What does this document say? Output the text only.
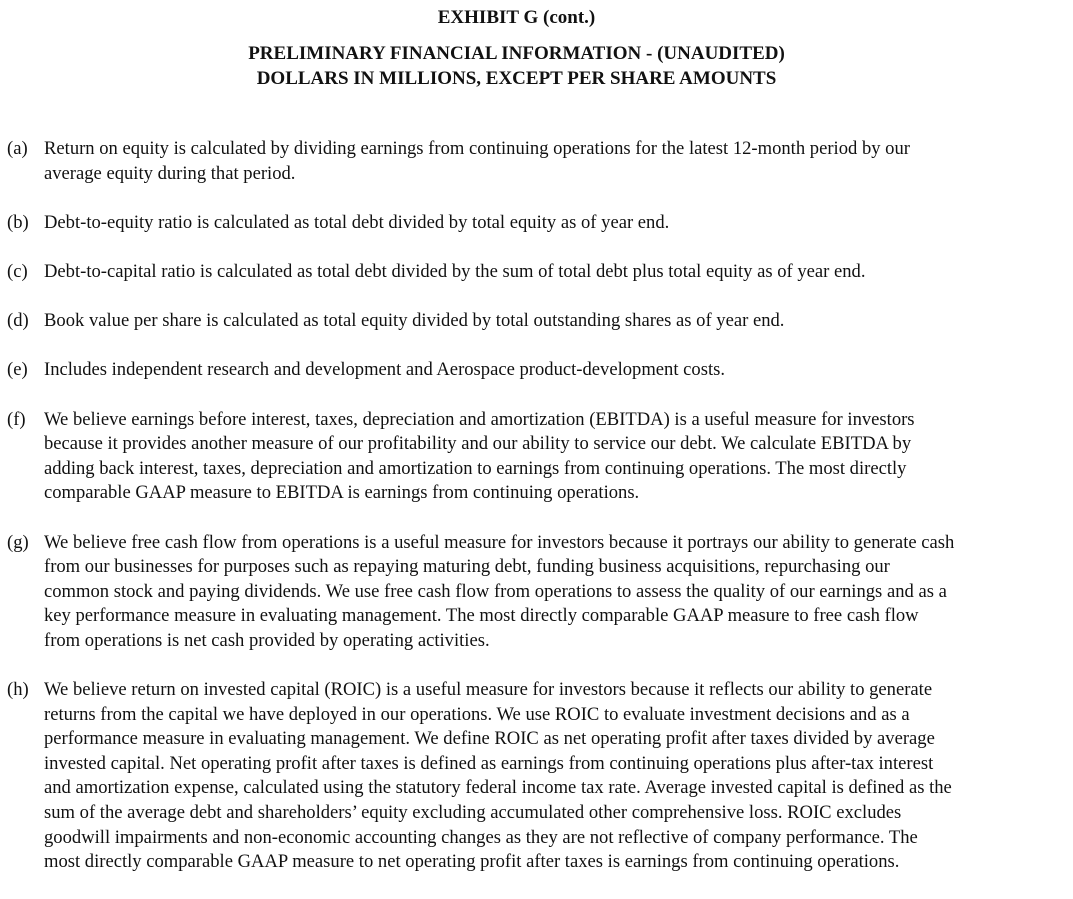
EXHIBIT G (cont.)
PRELIMINARY FINANCIAL INFORMATION - (UNAUDITED)
DOLLARS IN MILLIONS, EXCEPT PER SHARE AMOUNTS
(a) Return on equity is calculated by dividing earnings from continuing operations for the latest 12-month period by our
average equity during that period.
(b) Debt-to-equity ratio is calculated as total debt divided by total equity as of year end.
(c) Debt-to-capital ratio is calculated as total debt divided by the sum of total debt plus total equity as of year end.
(d) Book value per share is calculated as total equity divided by total outstanding shares as of year end.
(e) Includes independent research and development and Aerospace product-development costs.
(f) We believe earnings before interest, taxes, depreciation and amortization (EBITDA) is a useful measure for investors
because it provides another measure of our profitability and our ability to service our debt. We calculate EBITDA by
adding back interest, taxes, depreciation and amortization to earnings from continuing operations. The most directly
comparable GAAP measure to EBITDA is earnings from continuing operations.
(g) We believe free cash flow from operations is a useful measure for investors because it portrays our ability to generate cash
from our businesses for purposes such as repaying maturing debt, funding business acquisitions, repurchasing our
common stock and paying dividends. We use free cash flow from operations to assess the quality of our earnings and as a
key performance measure in evaluating management. The most directly comparable GAAP measure to free cash flow
from operations is net cash provided by operating activities.
(h) We believe return on invested capital (ROIC) is a useful measure for investors because it reflects our ability to generate
returns from the capital we have deployed in our operations. We use ROIC to evaluate investment decisions and as a
performance measure in evaluating management. We define ROIC as net operating profit after taxes divided by average
invested capital. Net operating profit after taxes is defined as earnings from continuing operations plus after-tax interest
and amortization expense, calculated using the statutory federal income tax rate. Average invested capital is defined as the
sum of the average debt and shareholders’ equity excluding accumulated other comprehensive loss. ROIC excludes
goodwill impairments and non-economic accounting changes as they are not reflective of company performance. The
most directly comparable GAAP measure to net operating profit after taxes is earnings from continuing operations.
